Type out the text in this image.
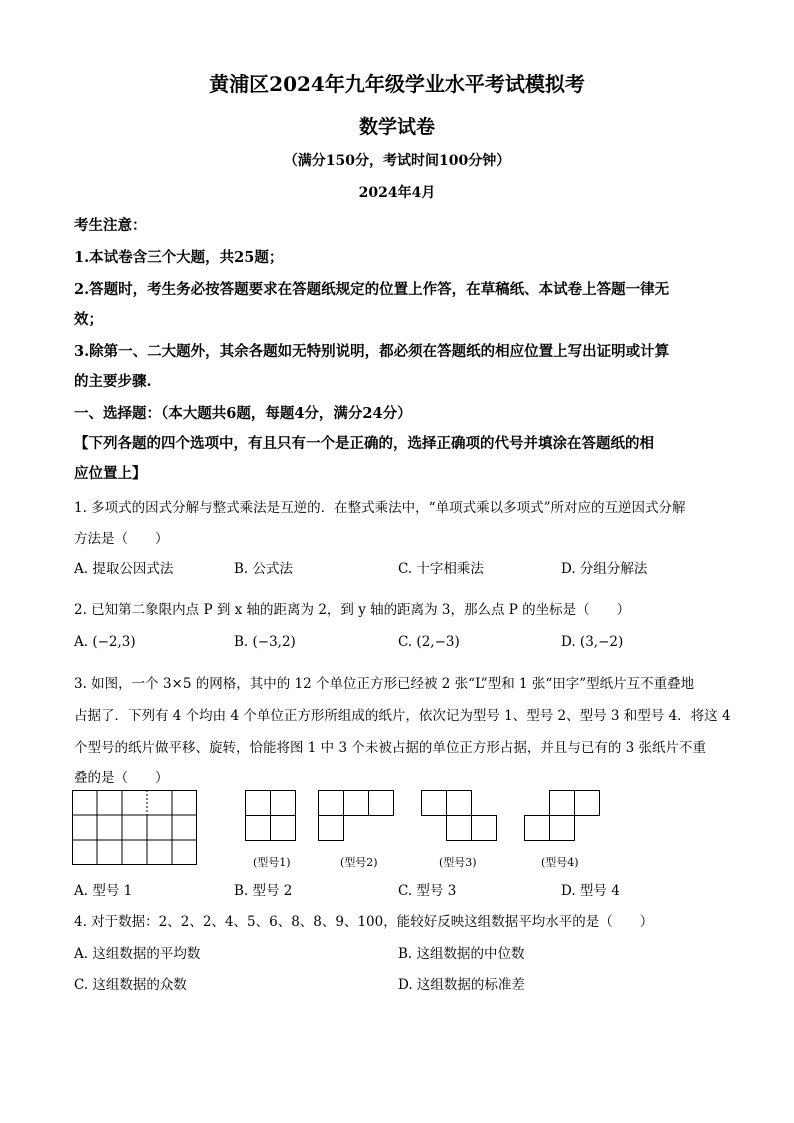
黄浦区2024年九年级学业水平考试模拟考
数学试卷
（满分150分，考试时间100分钟）
2024年4月
考生注意：
1.本试卷含三个大题，共25题；
2.答题时，考生务必按答题要求在答题纸规定的位置上作答，在草稿纸、本试卷上答题一律无
效；
3.除第一、二大题外，其余各题如无特别说明，都必须在答题纸的相应位置上写出证明或计算
的主要步骤.
一、选择题：（本大题共6题，每题4分，满分24分）
【下列各题的四个选项中，有且只有一个是正确的，选择正确项的代号并填涂在答题纸的相
应位置上】
1. 多项式的因式分解与整式乘法是互逆的．在整式乘法中，“单项式乘以多项式”所对应的互逆因式分解
方法是（　　）
A. 提取公因式法	B. 公式法	C. 十字相乘法	D. 分组分解法
2. 已知第二象限内点 P 到 x 轴的距离为 2，到 y 轴的距离为 3，那么点 P 的坐标是（　　）
A. (−2,3)	B. (−3,2)	C. (2,−3)	D. (3,−2)
3. 如图，一个 3×5 的网格，其中的 12 个单位正方形已经被 2 张“L”型和 1 张“田字”型纸片互不重叠地
占据了．下列有 4 个均由 4 个单位正方形所组成的纸片，依次记为型号 1、型号 2、型号 3 和型号 4．将这 4
个型号的纸片做平移、旋转，恰能将图 1 中 3 个未被占据的单位正方形占据，并且与已有的 3 张纸片不重
叠的是（　　）
(型号1)	(型号2)	(型号3)	(型号4)
A. 型号 1	B. 型号 2	C. 型号 3	D. 型号 4
4. 对于数据：2、2、2、4、5、6、8、8、9、100，能较好反映这组数据平均水平的是（　　）
A. 这组数据的平均数	B. 这组数据的中位数
C. 这组数据的众数	D. 这组数据的标准差
